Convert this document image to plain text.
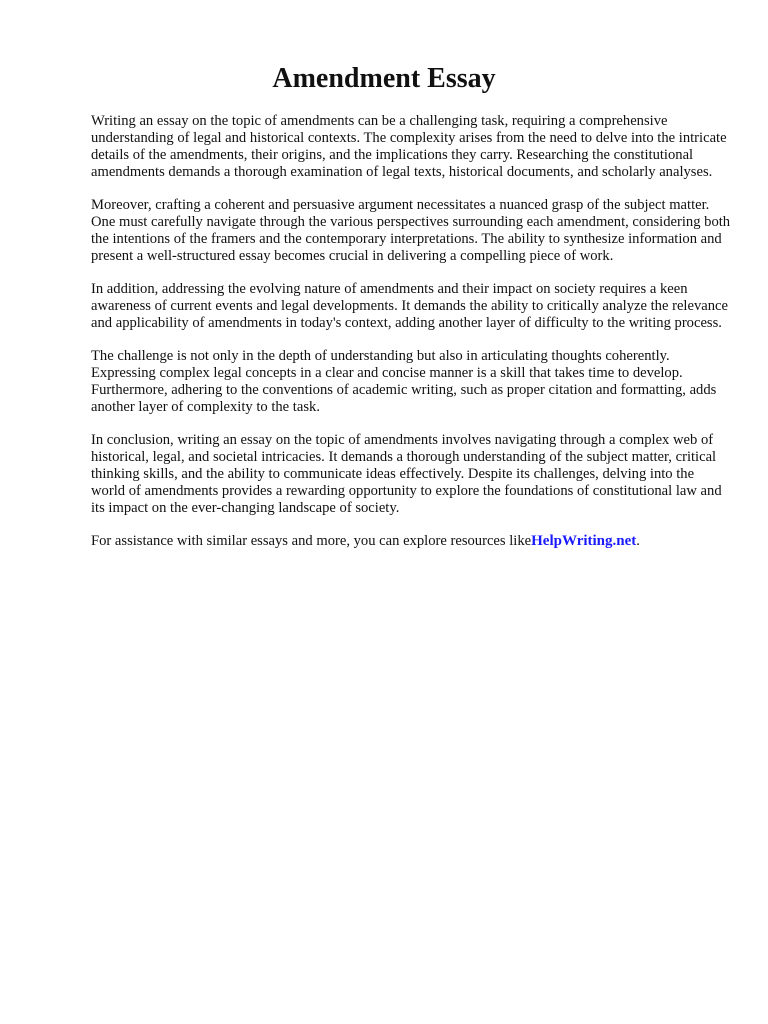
Amendment Essay

Writing an essay on the topic of amendments can be a challenging task, requiring a comprehensive understanding of legal and historical contexts. The complexity arises from the need to delve into the intricate details of the amendments, their origins, and the implications they carry. Researching the constitutional amendments demands a thorough examination of legal texts, historical documents, and scholarly analyses.

Moreover, crafting a coherent and persuasive argument necessitates a nuanced grasp of the subject matter. One must carefully navigate through the various perspectives surrounding each amendment, considering both the intentions of the framers and the contemporary interpretations. The ability to synthesize information and present a well-structured essay becomes crucial in delivering a compelling piece of work.

In addition, addressing the evolving nature of amendments and their impact on society requires a keen awareness of current events and legal developments. It demands the ability to critically analyze the relevance and applicability of amendments in today's context, adding another layer of difficulty to the writing process.

The challenge is not only in the depth of understanding but also in articulating thoughts coherently. Expressing complex legal concepts in a clear and concise manner is a skill that takes time to develop. Furthermore, adhering to the conventions of academic writing, such as proper citation and formatting, adds another layer of complexity to the task.

In conclusion, writing an essay on the topic of amendments involves navigating through a complex web of historical, legal, and societal intricacies. It demands a thorough understanding of the subject matter, critical thinking skills, and the ability to communicate ideas effectively. Despite its challenges, delving into the world of amendments provides a rewarding opportunity to explore the foundations of constitutional law and its impact on the ever-changing landscape of society.

For assistance with similar essays and more, you can explore resources likeHelpWriting.net.
